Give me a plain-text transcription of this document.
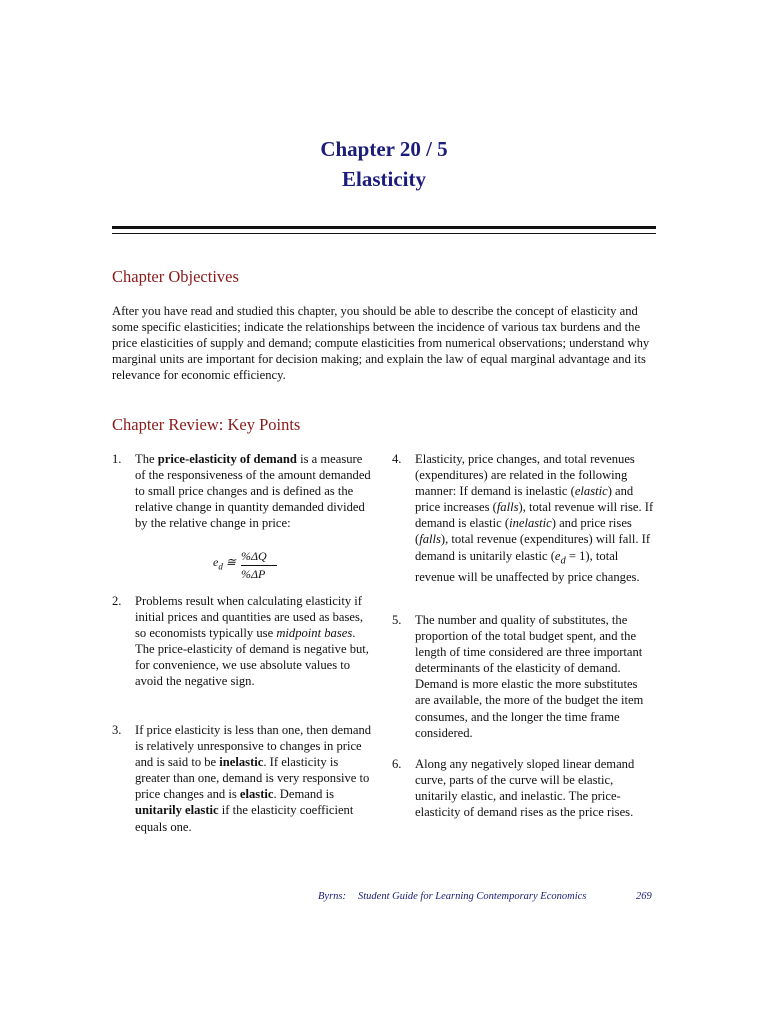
Chapter 20 / 5
Elasticity
Chapter Objectives
After you have read and studied this chapter, you should be able to describe the concept of elasticity and some specific elasticities; indicate the relationships between the incidence of various tax burdens and the price elasticities of supply and demand; compute elasticities from numerical observations; understand why marginal units are important for decision making; and explain the law of equal marginal advantage and its relevance for economic efficiency.
Chapter Review: Key Points
1. The price-elasticity of demand is a measure of the responsiveness of the amount demanded to small price changes and is defined as the relative change in quantity demanded divided by the relative change in price:
2. Problems result when calculating elasticity if initial prices and quantities are used as bases, so economists typically use midpoint bases. The price-elasticity of demand is negative but, for convenience, we use absolute values to avoid the negative sign.
3. If price elasticity is less than one, then demand is relatively unresponsive to changes in price and is said to be inelastic. If elasticity is greater than one, demand is very responsive to price changes and is elastic. Demand is unitarily elastic if the elasticity coefficient equals one.
$e_d$ ≅ %ΔQ
%ΔP
4. Elasticity, price changes, and total revenues (expenditures) are related in the following manner: If demand is inelastic (elastic) and price increases (falls), total revenue will rise. If demand is elastic (inelastic) and price rises (falls), total revenue (expenditures) will fall. If demand is unitarily elastic $(e_d = 1)$, total revenue will be unaffected by price changes.
5. The number and quality of substitutes, the proportion of the total budget spent, and the length of time considered are three important determinants of the elasticity of demand. Demand is more elastic the more substitutes are available, the more of the budget the item consumes, and the longer the time frame considered.
6. Along any negatively sloped linear demand curve, parts of the curve will be elastic, unitarily elastic, and inelastic. The price-elasticity of demand rises as the price rises.
Byrns: Student Guide for Learning Contemporary Economics	269
